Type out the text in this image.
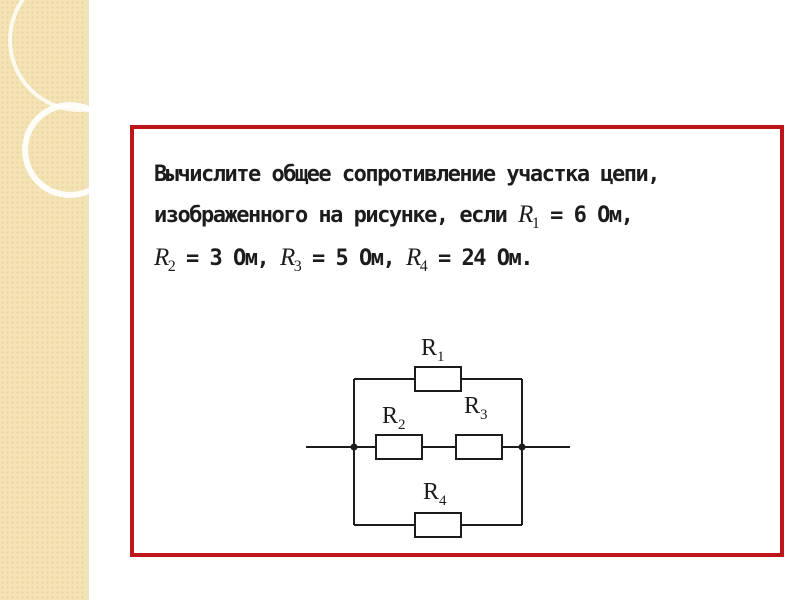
Вычислите общее сопротивление участка цепи,
изображенного на рисунке, если $R_1 = 6$ Ом,
$R_2 = 3$ Ом, $R_3 = 5$ Ом, $R_4 = 24$ Ом.
$R_1$
$R_2$
$R_3$
$R_4$
